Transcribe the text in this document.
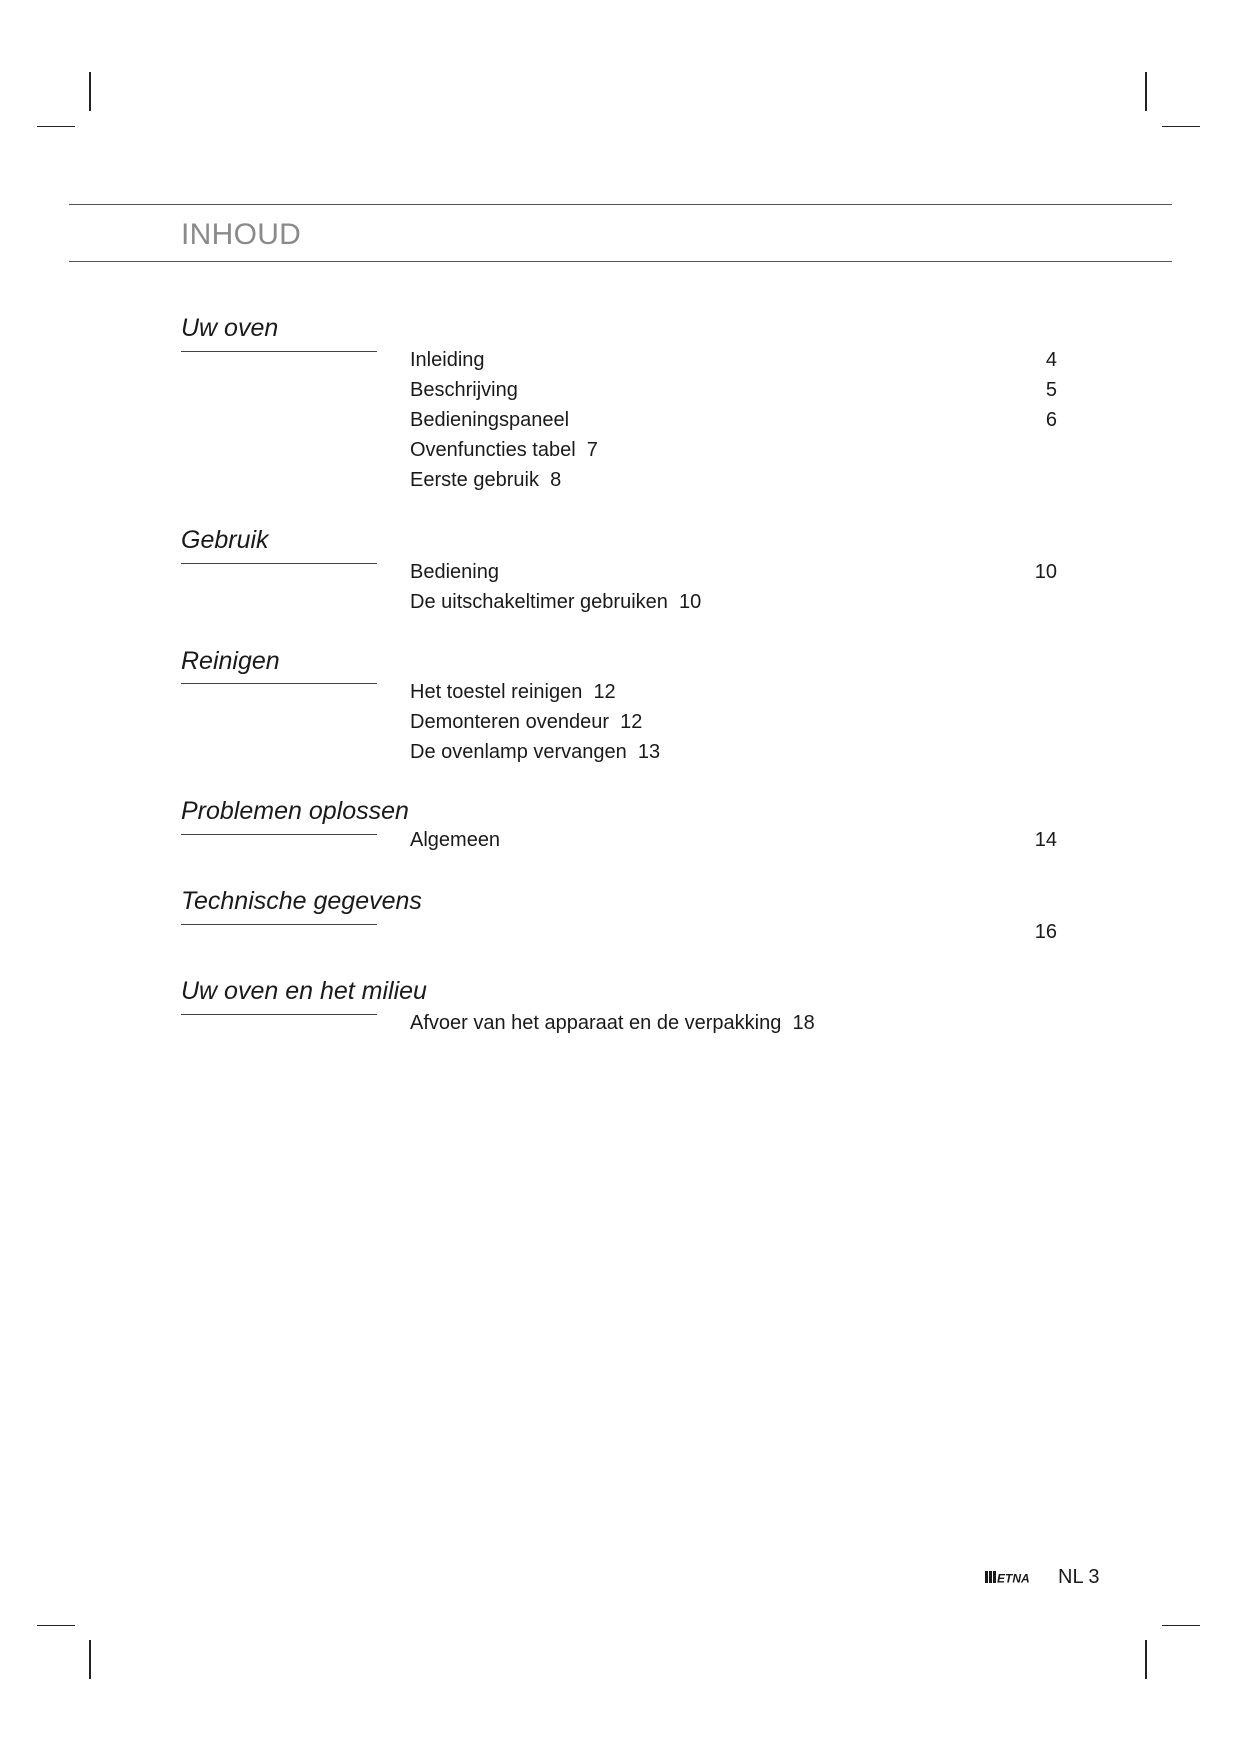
INHOUD
Uw oven
Inleiding	4
Beschrijving	5
Bedieningspaneel	6
Ovenfuncties tabel  7
Eerste gebruik  8
Gebruik
Bediening	10
De uitschakeltimer gebruiken  10
Reinigen
Het toestel reinigen  12
Demonteren ovendeur  12
De ovenlamp vervangen  13
Problemen oplossen
Algemeen	14
Technische gegevens
16
Uw oven en het milieu
Afvoer van het apparaat en de verpakking  18
ETNA NL 3
